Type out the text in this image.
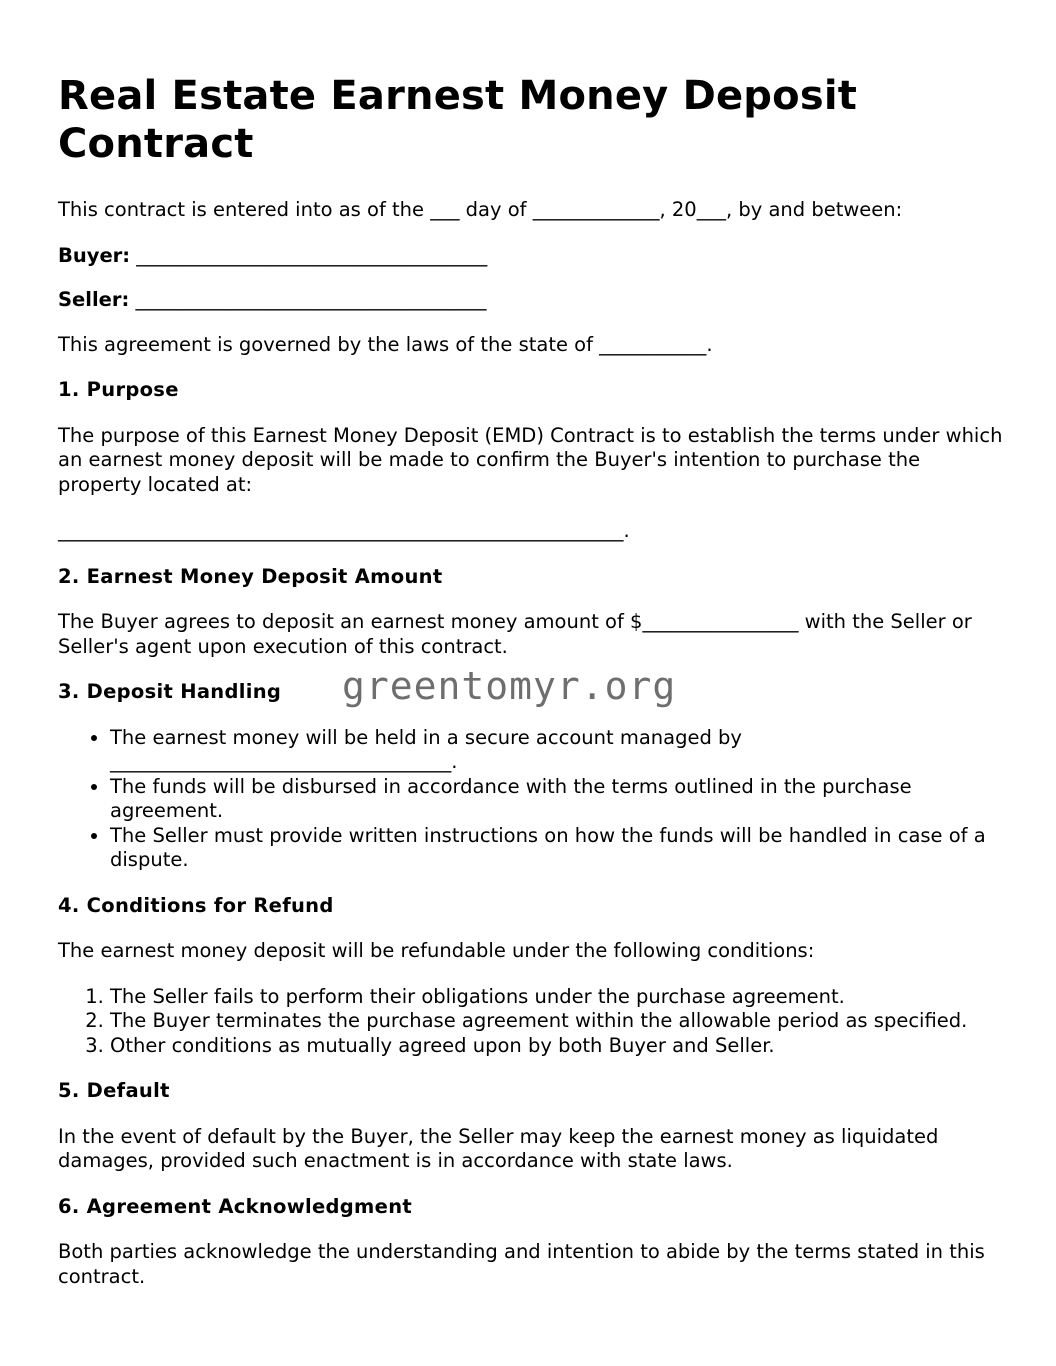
Real Estate Earnest Money Deposit Contract

This contract is entered into as of the ___ day of _____________, 20___, by and between:

Buyer: ____________________________________

Seller: ____________________________________

This agreement is governed by the laws of the state of ___________.

1. Purpose

The purpose of this Earnest Money Deposit (EMD) Contract is to establish the terms under which an earnest money deposit will be made to confirm the Buyer's intention to purchase the property located at:

__________________________________________________________.

2. Earnest Money Deposit Amount

The Buyer agrees to deposit an earnest money amount of $________________ with the Seller or Seller's agent upon execution of this contract.

3. Deposit Handling
• The earnest money will be held in a secure account managed by ___________________________________.
• The funds will be disbursed in accordance with the terms outlined in the purchase agreement.
• The Seller must provide written instructions on how the funds will be handled in case of a dispute.
4. Conditions for Refund

The earnest money deposit will be refundable under the following conditions:

1. The Seller fails to perform their obligations under the purchase agreement.
2. The Buyer terminates the purchase agreement within the allowable period as specified.
3. Other conditions as mutually agreed upon by both Buyer and Seller.
5. Default

In the event of default by the Buyer, the Seller may keep the earnest money as liquidated damages, provided such enactment is in accordance with state laws.

6. Agreement Acknowledgment

Both parties acknowledge the understanding and intention to abide by the terms stated in this contract.

greentomyr.org
